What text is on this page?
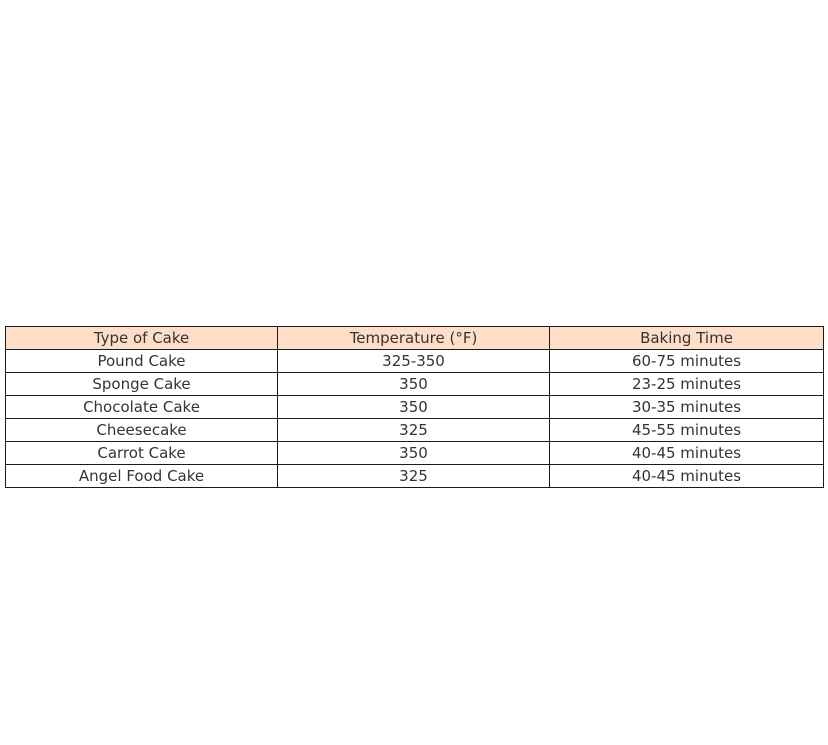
Type of Cake	Temperature (°F)	Baking Time
Pound Cake	325-350	60-75 minutes
Sponge Cake	350	23-25 minutes
Chocolate Cake	350	30-35 minutes
Cheesecake	325	45-55 minutes
Carrot Cake	350	40-45 minutes
Angel Food Cake	325	40-45 minutes
